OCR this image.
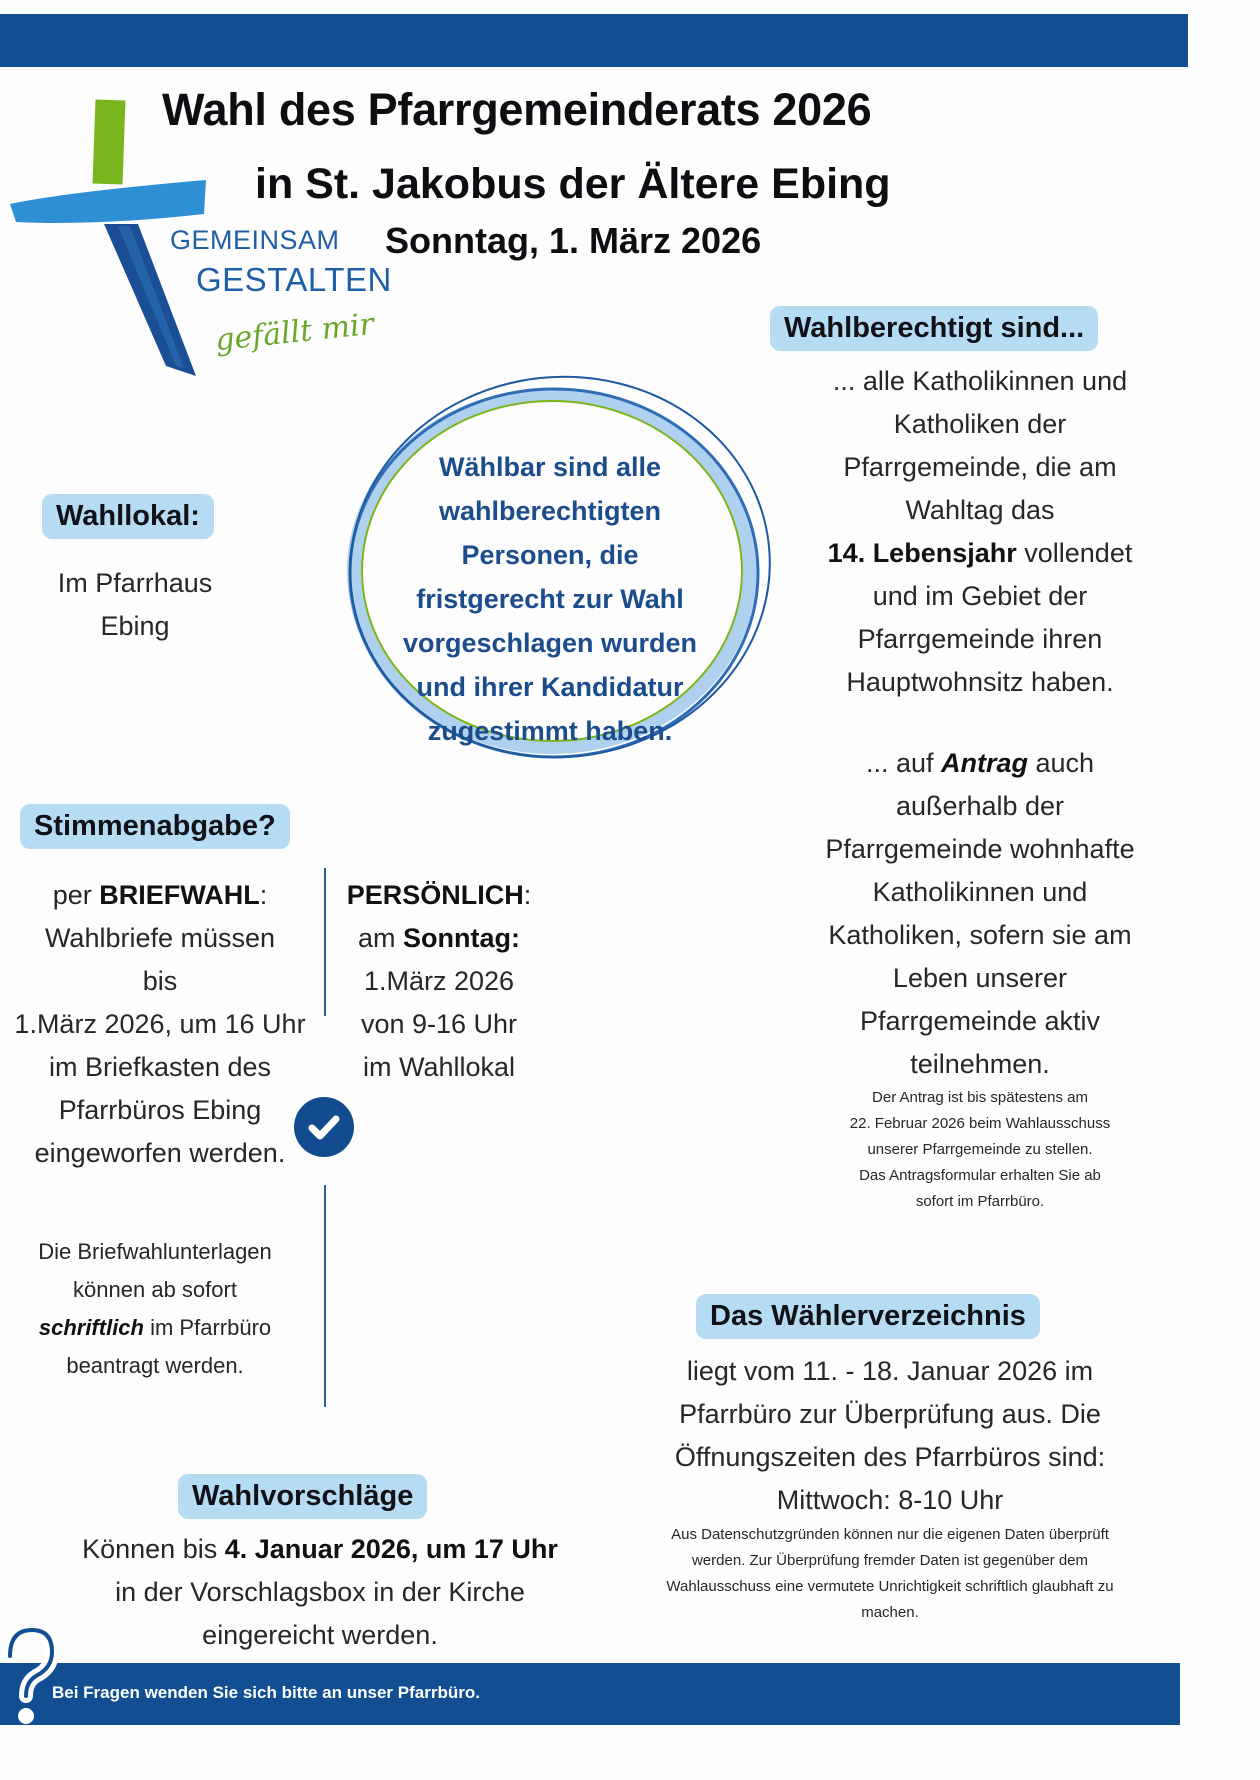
GEMEINSAM
GESTALTEN
gefällt mir
Wahl des Pfarrgemeinderats 2026
in St. Jakobus der Ältere Ebing
Sonntag, 1. März 2026
Wahlberechtigt sind...
... alle Katholikinnen und
Katholiken der
Pfarrgemeinde, die am
Wahltag das
14. Lebensjahr vollendet
und im Gebiet der
Pfarrgemeinde ihren
Hauptwohnsitz haben.
... auf Antrag auch
außerhalb der
Pfarrgemeinde wohnhafte
Katholikinnen und
Katholiken, sofern sie am
Leben unserer
Pfarrgemeinde aktiv
teilnehmen.
Der Antrag ist bis spätestens am
22. Februar 2026 beim Wahlausschuss
unserer Pfarrgemeinde zu stellen.
Das Antragsformular erhalten Sie ab
sofort im Pfarrbüro.
Wählbar sind alle
wahlberechtigten
Personen, die
fristgerecht zur Wahl
vorgeschlagen wurden
und ihrer Kandidatur
zugestimmt haben.
Wahllokal:
Im Pfarrhaus
Ebing
Stimmenabgabe?
per BRIEFWAHL:
Wahlbriefe müssen
bis
1.März 2026, um 16 Uhr
im Briefkasten des
Pfarrbüros Ebing
eingeworfen werden.
PERSÖNLICH:
am Sonntag:
1.März 2026
von 9-16 Uhr
im Wahllokal
Die Briefwahlunterlagen
können ab sofort
schriftlich im Pfarrbüro
beantragt werden.
Das Wählerverzeichnis
liegt vom 11. - 18. Januar 2026 im
Pfarrbüro zur Überprüfung aus. Die
Öffnungszeiten des Pfarrbüros sind:
Mittwoch: 8-10 Uhr
Aus Datenschutzgründen können nur die eigenen Daten überprüft
werden. Zur Überprüfung fremder Daten ist gegenüber dem
Wahlausschuss eine vermutete Unrichtigkeit schriftlich glaubhaft zu
machen.
Wahlvorschläge
Können bis 4. Januar 2026, um 17 Uhr
in der Vorschlagsbox in der Kirche
eingereicht werden.
Bei Fragen wenden Sie sich bitte an unser Pfarrbüro.
